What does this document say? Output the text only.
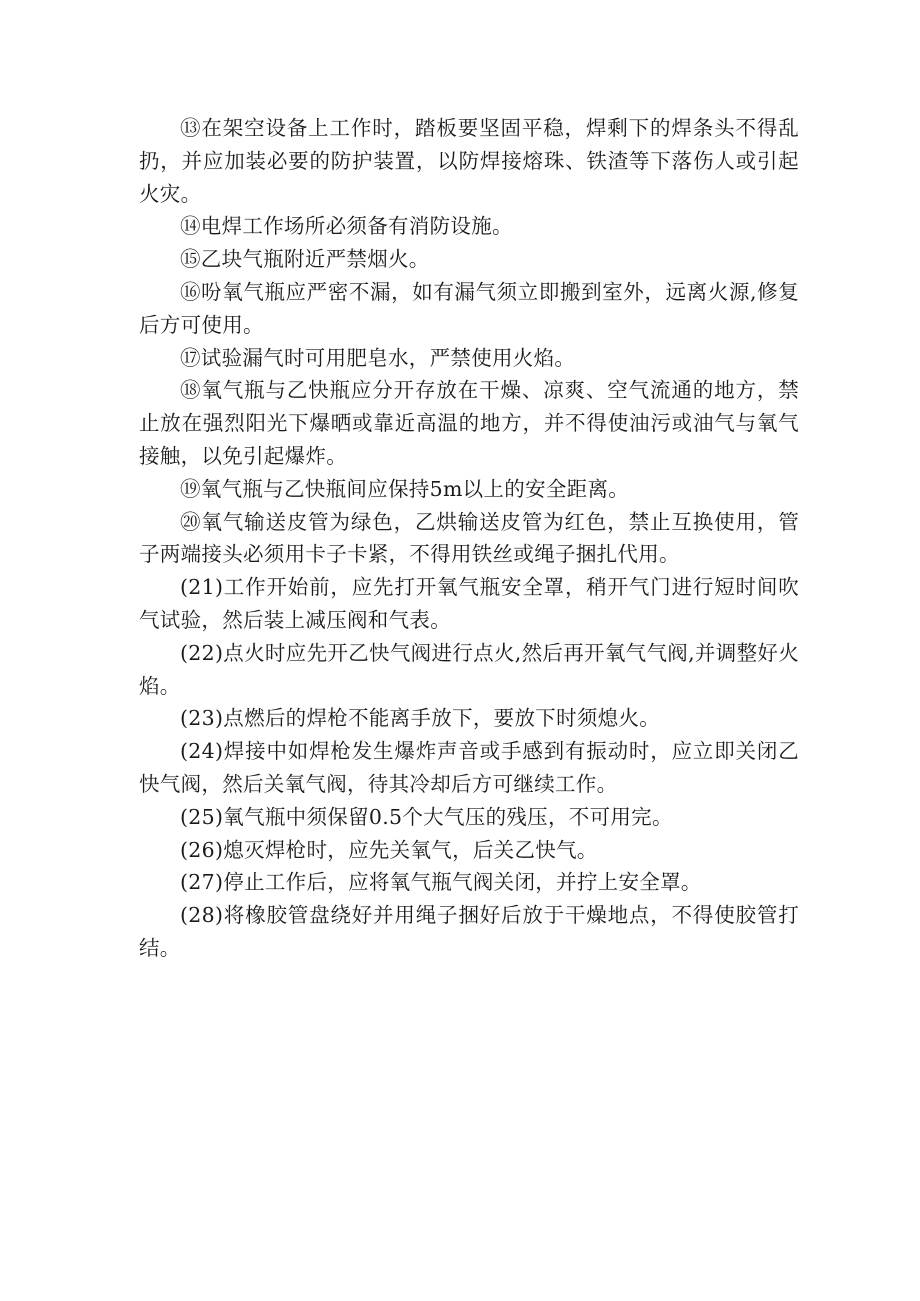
⑬在架空设备上工作时，踏板要坚固平稳，焊剩下的焊条头不得乱扔，并应加装必要的防护装置，以防焊接熔珠、铁渣等下落伤人或引起火灾。

⑭电焊工作场所必须备有消防设施。

⑮乙块气瓶附近严禁烟火。

⑯吩氧气瓶应严密不漏，如有漏气须立即搬到室外，远离火源,修复后方可使用。

⑰试验漏气时可用肥皂水，严禁使用火焰。

⑱氧气瓶与乙快瓶应分开存放在干燥、凉爽、空气流通的地方，禁止放在强烈阳光下爆晒或靠近高温的地方，并不得使油污或油气与氧气接触，以免引起爆炸。

⑲氧气瓶与乙快瓶间应保持5m以上的安全距离。

⑳氧气输送皮管为绿色，乙烘输送皮管为红色，禁止互换使用，管子两端接头必须用卡子卡紧，不得用铁丝或绳子捆扎代用。

(21)工作开始前，应先打开氧气瓶安全罩，稍开气门进行短时间吹气试验，然后装上减压阀和气表。

(22)点火时应先开乙快气阀进行点火,然后再开氧气气阀,并调整好火焰。

(23)点燃后的焊枪不能离手放下，要放下时须熄火。

(24)焊接中如焊枪发生爆炸声音或手感到有振动时，应立即关闭乙快气阀，然后关氧气阀，待其冷却后方可继续工作。

(25)氧气瓶中须保留0.5个大气压的残压，不可用完。

(26)熄灭焊枪时，应先关氧气，后关乙快气。

(27)停止工作后，应将氧气瓶气阀关闭，并拧上安全罩。

(28)将橡胶管盘绕好并用绳子捆好后放于干燥地点，不得使胶管打结。
